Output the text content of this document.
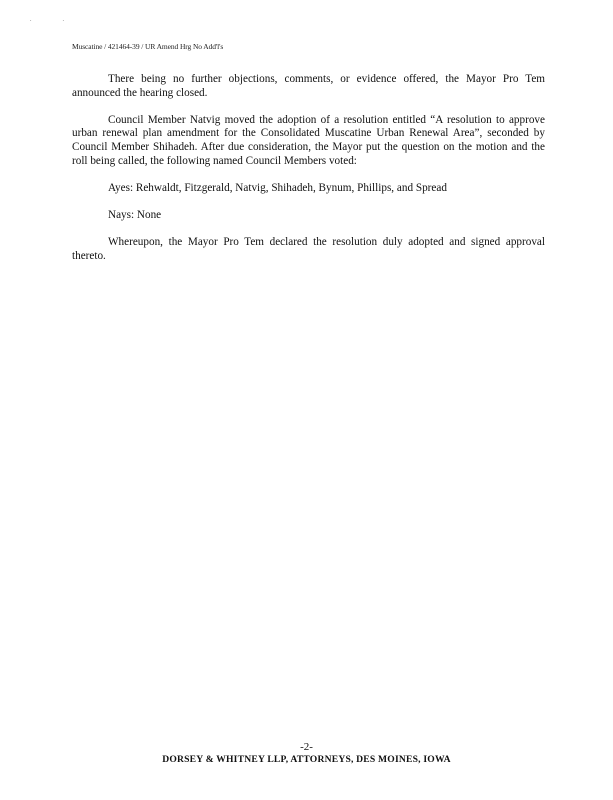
.	.
Muscatine / 421464-39 / UR Amend Hrg No Add'l's

There being no further objections, comments, or evidence offered, the Mayor Pro Tem announced the hearing closed.

Council Member Natvig moved the adoption of a resolution entitled “A resolution to approve urban renewal plan amendment for the Consolidated Muscatine Urban Renewal Area”, seconded by Council Member Shihadeh. After due consideration, the Mayor put the question on the motion and the roll being called, the following named Council Members voted:

Ayes: Rehwaldt, Fitzgerald, Natvig, Shihadeh, Bynum, Phillips, and Spread

Nays: None

Whereupon, the Mayor Pro Tem declared the resolution duly adopted and signed approval thereto.

-2-
DORSEY & WHITNEY LLP, ATTORNEYS, DES MOINES, IOWA
